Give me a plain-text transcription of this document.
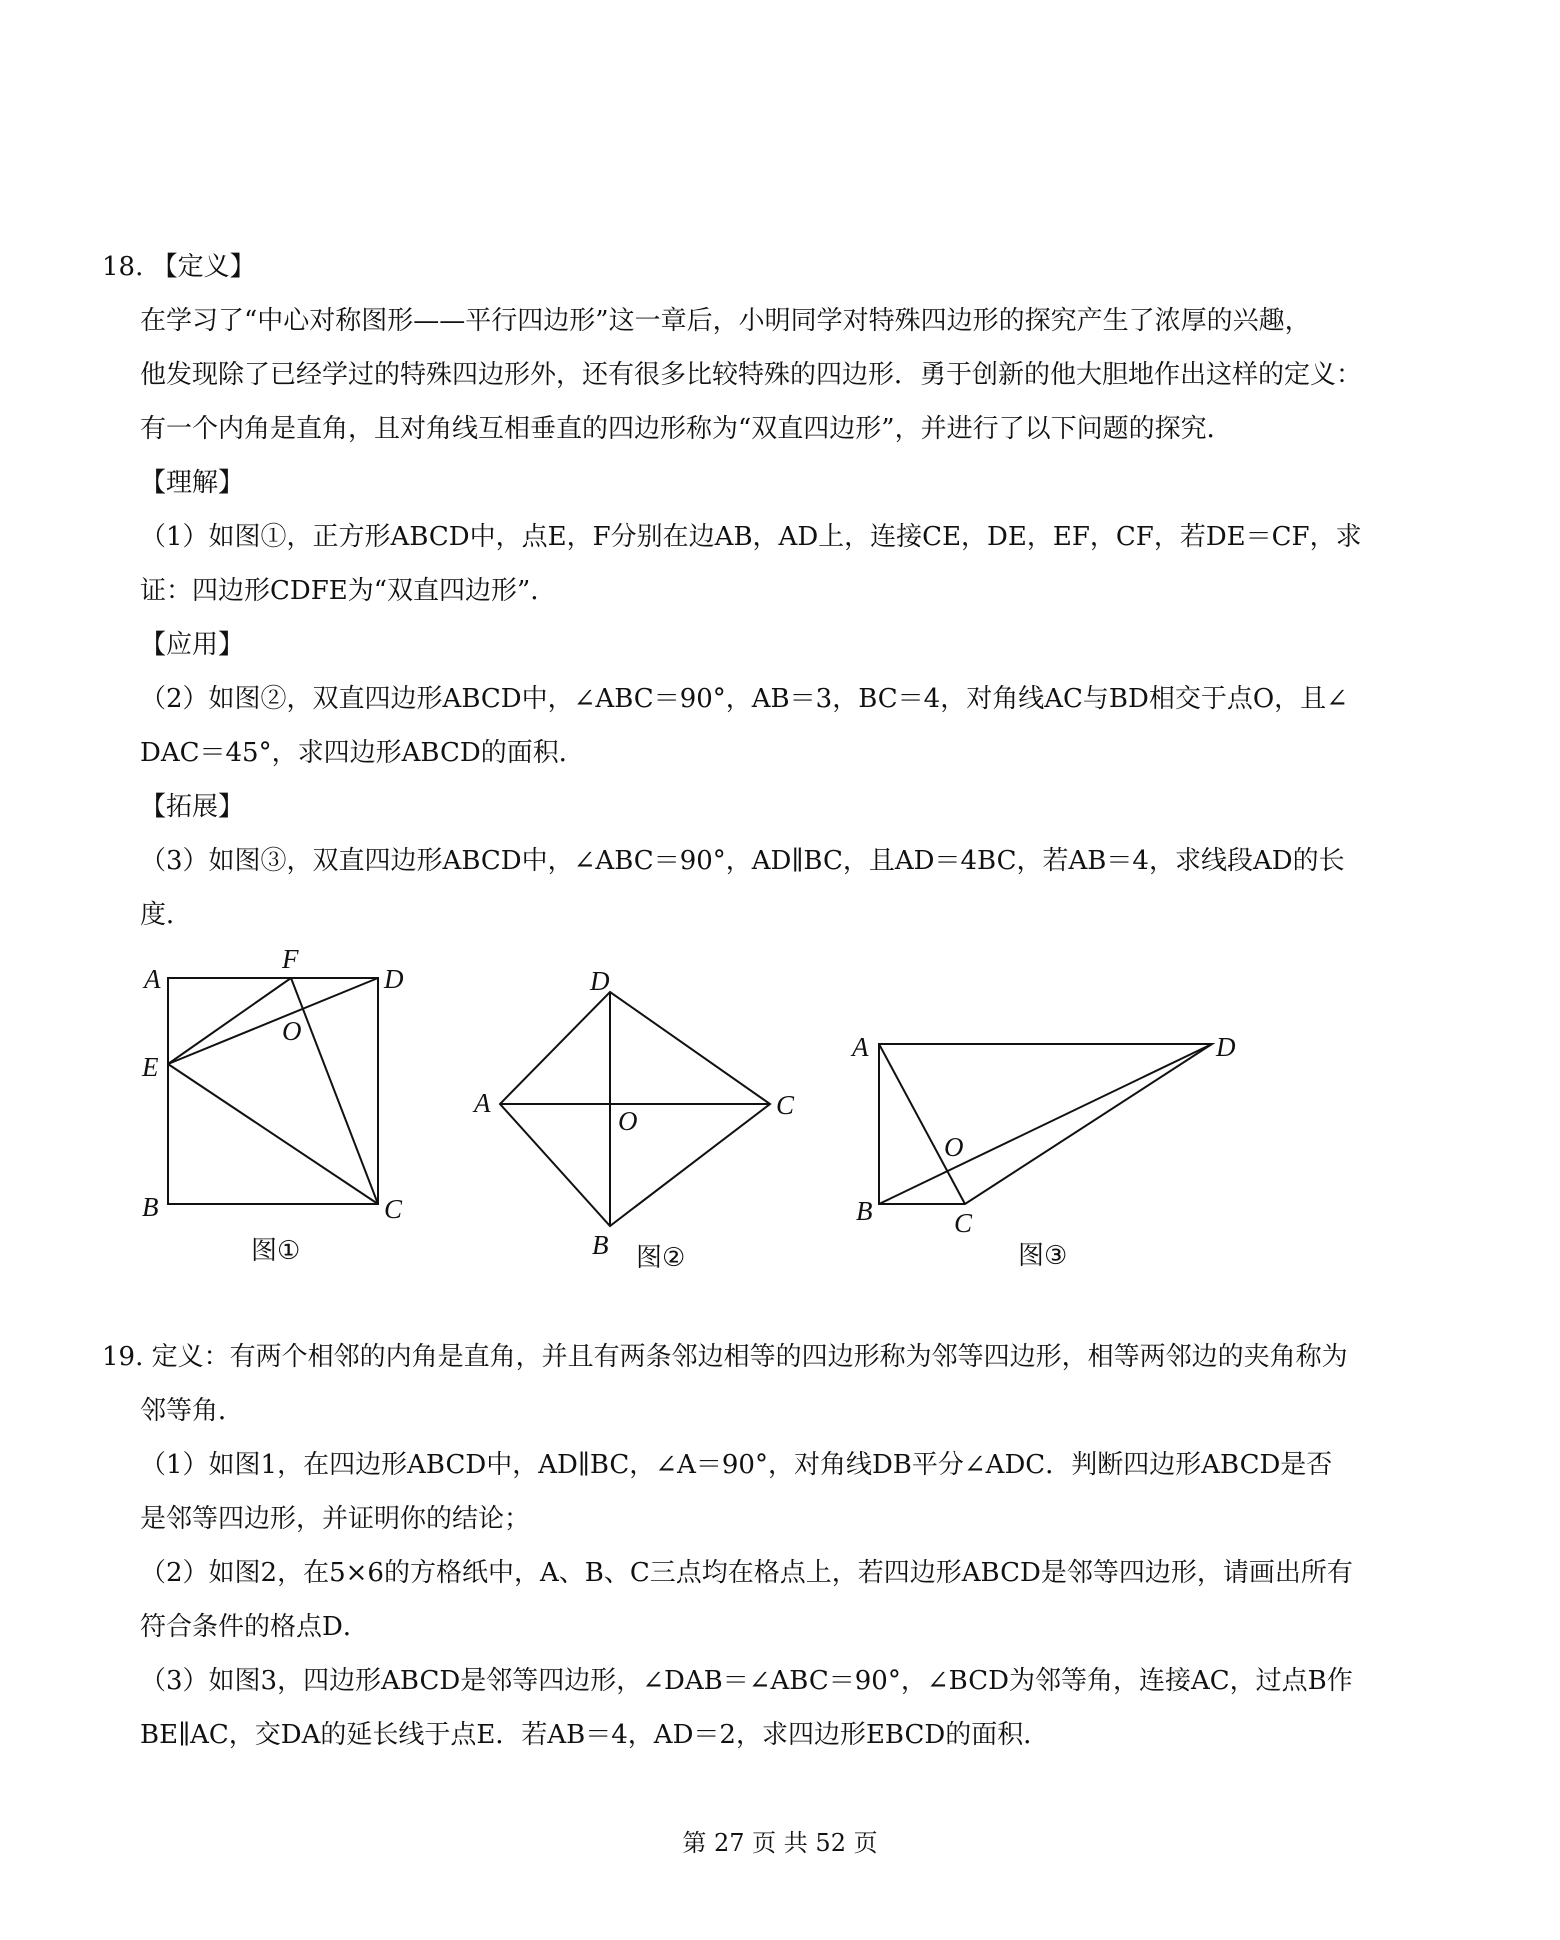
18. 【定义】
在学习了“中心对称图形——平行四边形”这一章后，小明同学对特殊四边形的探究产生了浓厚的兴趣，
他发现除了已经学过的特殊四边形外，还有很多比较特殊的四边形．勇于创新的他大胆地作出这样的定义：
有一个内角是直角，且对角线互相垂直的四边形称为“双直四边形”，并进行了以下问题的探究．
【理解】
（1）如图①，正方形ABCD中，点E，F分别在边AB，AD上，连接CE，DE，EF，CF，若DE＝CF，求
证：四边形CDFE为“双直四边形”．
【应用】
（2）如图②，双直四边形ABCD中，∠ABC＝90°，AB＝3，BC＝4，对角线AC与BD相交于点O，且∠
DAC＝45°，求四边形ABCD的面积．
【拓展】
（3）如图③，双直四边形ABCD中，∠ABC＝90°，AD∥BC，且AD＝4BC，若AB＝4，求线段AD的长
度．
A
F
D
O
E
B	C
图①
D
A
O
C
B 图②
A	D
O
B	C
图③
19. 定义：有两个相邻的内角是直角，并且有两条邻边相等的四边形称为邻等四边形，相等两邻边的夹角称为
邻等角．
（1）如图1，在四边形ABCD中，AD∥BC，∠A＝90°，对角线DB平分∠ADC．判断四边形ABCD是否
是邻等四边形，并证明你的结论；
（2）如图2，在5×6的方格纸中，A、B、C三点均在格点上，若四边形ABCD是邻等四边形，请画出所有
符合条件的格点D．
（3）如图3，四边形ABCD是邻等四边形，∠DAB＝∠ABC＝90°，∠BCD为邻等角，连接AC，过点B作
BE∥AC，交DA的延长线于点E．若AB＝4，AD＝2，求四边形EBCD的面积．
第 27 页 共 52 页
